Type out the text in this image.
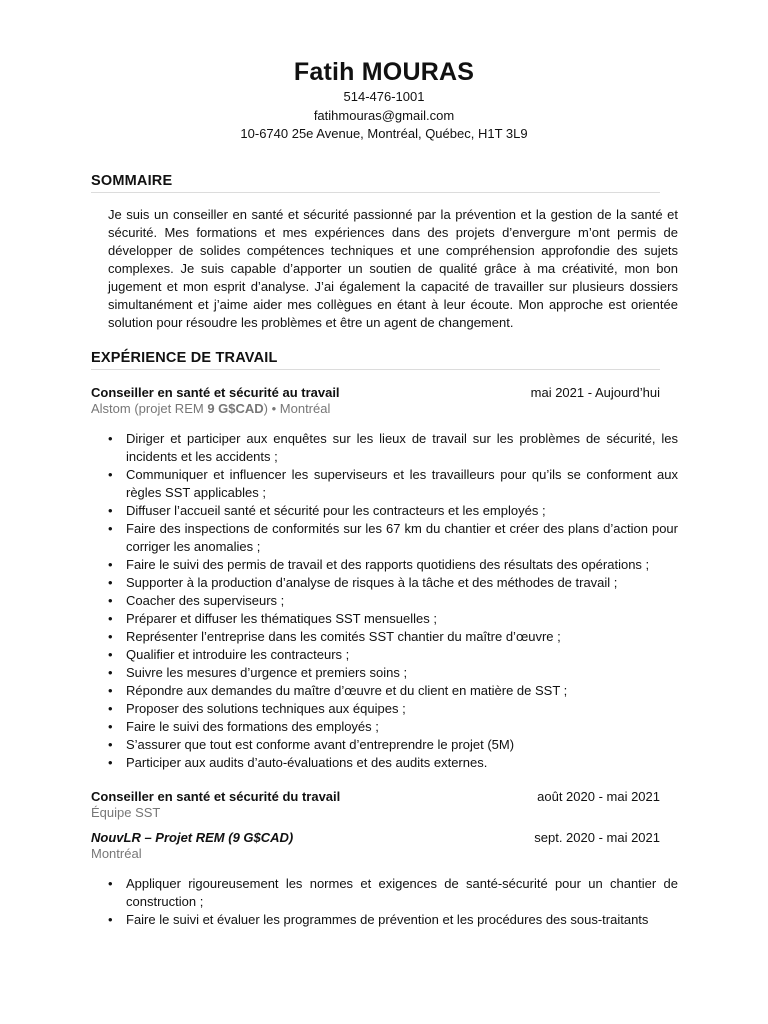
Fatih MOURAS

514-476-1001

fatihmouras@gmail.com

10-6740 25e Avenue, Montréal, Québec, H1T 3L9

SOMMAIRE

Je suis un conseiller en santé et sécurité passionné par la prévention et la gestion de la santé et sécurité. Mes formations et mes expériences dans des projets d’envergure m’ont permis de développer de solides compétences techniques et une compréhension approfondie des sujets complexes. Je suis capable d’apporter un soutien de qualité grâce à ma créativité, mon bon jugement et mon esprit d’analyse. J’ai également la capacité de travailler sur plusieurs dossiers simultanément et j’aime aider mes collègues en étant à leur écoute. Mon approche est orientée solution pour résoudre les problèmes et être un agent de changement.

EXPÉRIENCE DE TRAVAIL
Conseiller en santé et sécurité au travail	mai 2021 - Aujourd’hui
Alstom (projet REM 9 G$CAD) • Montréal
• Diriger et participer aux enquêtes sur les lieux de travail sur les problèmes de sécurité, les incidents et les accidents ;
• Communiquer et influencer les superviseurs et les travailleurs pour qu’ils se conforment aux règles SST applicables ;
• Diffuser l’accueil santé et sécurité pour les contracteurs et les employés ;
• Faire des inspections de conformités sur les 67 km du chantier et créer des plans d’action pour corriger les anomalies ;
• Faire le suivi des permis de travail et des rapports quotidiens des résultats des opérations ;
• Supporter à la production d’analyse de risques à la tâche et des méthodes de travail ;
• Coacher des superviseurs ;
• Préparer et diffuser les thématiques SST mensuelles ;
• Représenter l’entreprise dans les comités SST chantier du maître d’œuvre ;
• Qualifier et introduire les contracteurs ;
• Suivre les mesures d’urgence et premiers soins ;
• Répondre aux demandes du maître d’œuvre et du client en matière de SST ;
• Proposer des solutions techniques aux équipes ;
• Faire le suivi des formations des employés ;
• S’assurer que tout est conforme avant d’entreprendre le projet (5M)
• Participer aux audits d’auto-évaluations et des audits externes.
Conseiller en santé et sécurité du travail	août 2020 - mai 2021
Équipe SST
NouvLR – Projet REM (9 G$CAD)	sept. 2020 - mai 2021
Montréal
• Appliquer rigoureusement les normes et exigences de santé-sécurité pour un chantier de construction ;
• Faire le suivi et évaluer les programmes de prévention et les procédures des sous-traitants
